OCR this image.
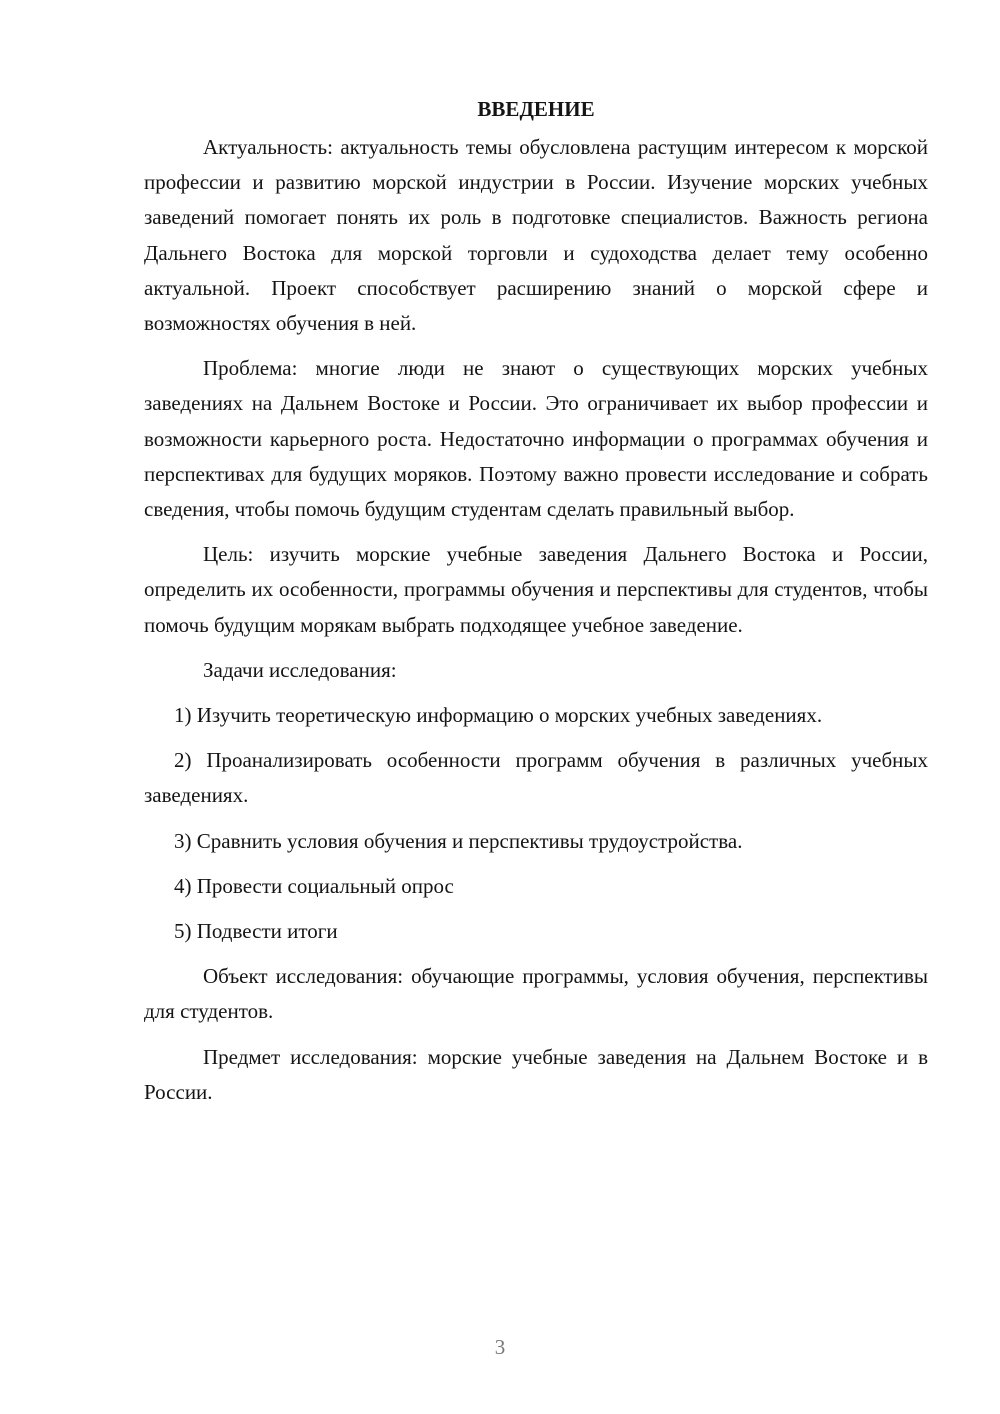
ВВЕДЕНИЕ

Актуальность: актуальность темы обусловлена растущим интересом к морской профессии и развитию морской индустрии в России. Изучение морских учебных заведений помогает понять их роль в подготовке специалистов. Важность региона Дальнего Востока для морской торговли и судоходства делает тему особенно актуальной. Проект способствует расширению знаний о морской сфере и возможностях обучения в ней.

Проблема: многие люди не знают о существующих морских учебных заведениях на Дальнем Востоке и России. Это ограничивает их выбор профессии и возможности карьерного роста. Недостаточно информации о программах обучения и перспективах для будущих моряков. Поэтому важно провести исследование и собрать сведения, чтобы помочь будущим студентам сделать правильный выбор.

Цель: изучить морские учебные заведения Дальнего Востока и России, определить их особенности, программы обучения и перспективы для студентов, чтобы помочь будущим морякам выбрать подходящее учебное заведение.

Задачи исследования:

1) Изучить теоретическую информацию о морских учебных заведениях.

2) Проанализировать особенности программ обучения в различных учебных заведениях.

3) Сравнить условия обучения и перспективы трудоустройства.

4) Провести социальный опрос

5) Подвести итоги

Объект исследования: обучающие программы, условия обучения, перспективы для студентов.

Предмет исследования: морские учебные заведения на Дальнем Востоке и в России.

3
